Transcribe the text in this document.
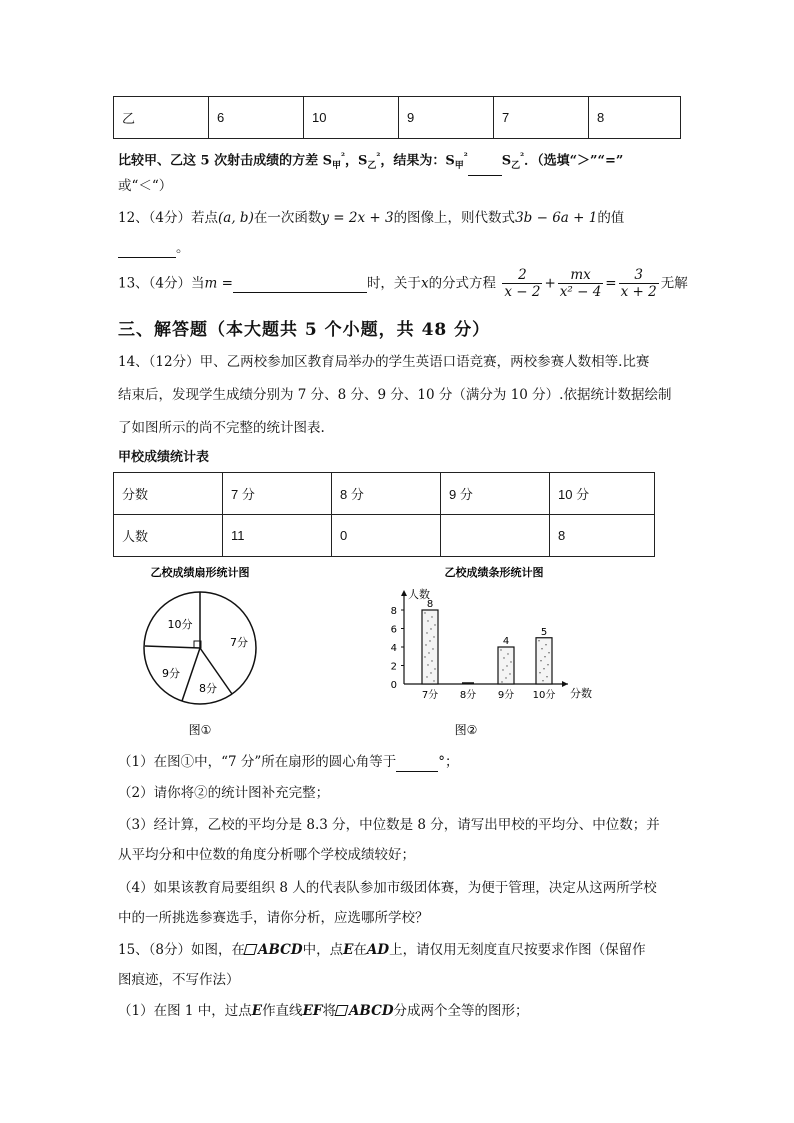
乙	6	10	9	7	8
比较甲、乙这 5 次射击成绩的方差 $S_甲^{^2}$，$S_乙^{^2}$，结果为：$S_甲^{^2}$	$S_乙^{^2}$．（选填“＞”“=”
或“＜“）
12、（4分）若点(a, b)在一次函数y = 2x + 3的图像上，则代数式3b − 6a + 1的值
。
13、（4分）当m =	时，关于x的分式方程 $\frac{2}{x - 2} + \frac{mx}{\text{x² − 4}} = \frac{3}{x + 2}$ 无解
三、解答题（本大题共 5 个小题，共 48 分）
14、（12分）甲、乙两校参加区教育局举办的学生英语口语竞赛，两校参赛人数相等.比赛
结束后，发现学生成绩分别为 7 分、8 分、9 分、10 分（满分为 10 分）.依据统计数据绘制
了如图所示的尚不完整的统计图表.
甲校成绩统计表
分数	7 分	8 分	9 分	10 分
人数	11	0		8
乙校成绩扇形统计图
10分
7分
9分
8分
图①
乙校成绩条形统计图
人数
分数
0
2
4
6
8
8
7分 8分
4
9分
5
10分
图②
（1）在图①中，“7 分”所在扇形的圆心角等于	°；
（2）请你将②的统计图补充完整；
（3）经计算，乙校的平均分是 8.3 分，中位数是 8 分，请写出甲校的平均分、中位数；并
从平均分和中位数的角度分析哪个学校成绩较好；
（4）如果该教育局要组织 8 人的代表队参加市级团体赛，为便于管理，决定从这两所学校
中的一所挑选参赛选手，请你分析，应选哪所学校？
15、（8分）如图，在 ABCD中，点E在AD上，请仅用无刻度直尺按要求作图（保留作
图痕迹，不写作法）
（1）在图 1 中，过点E作直线EF将 ABCD分成两个全等的图形；
